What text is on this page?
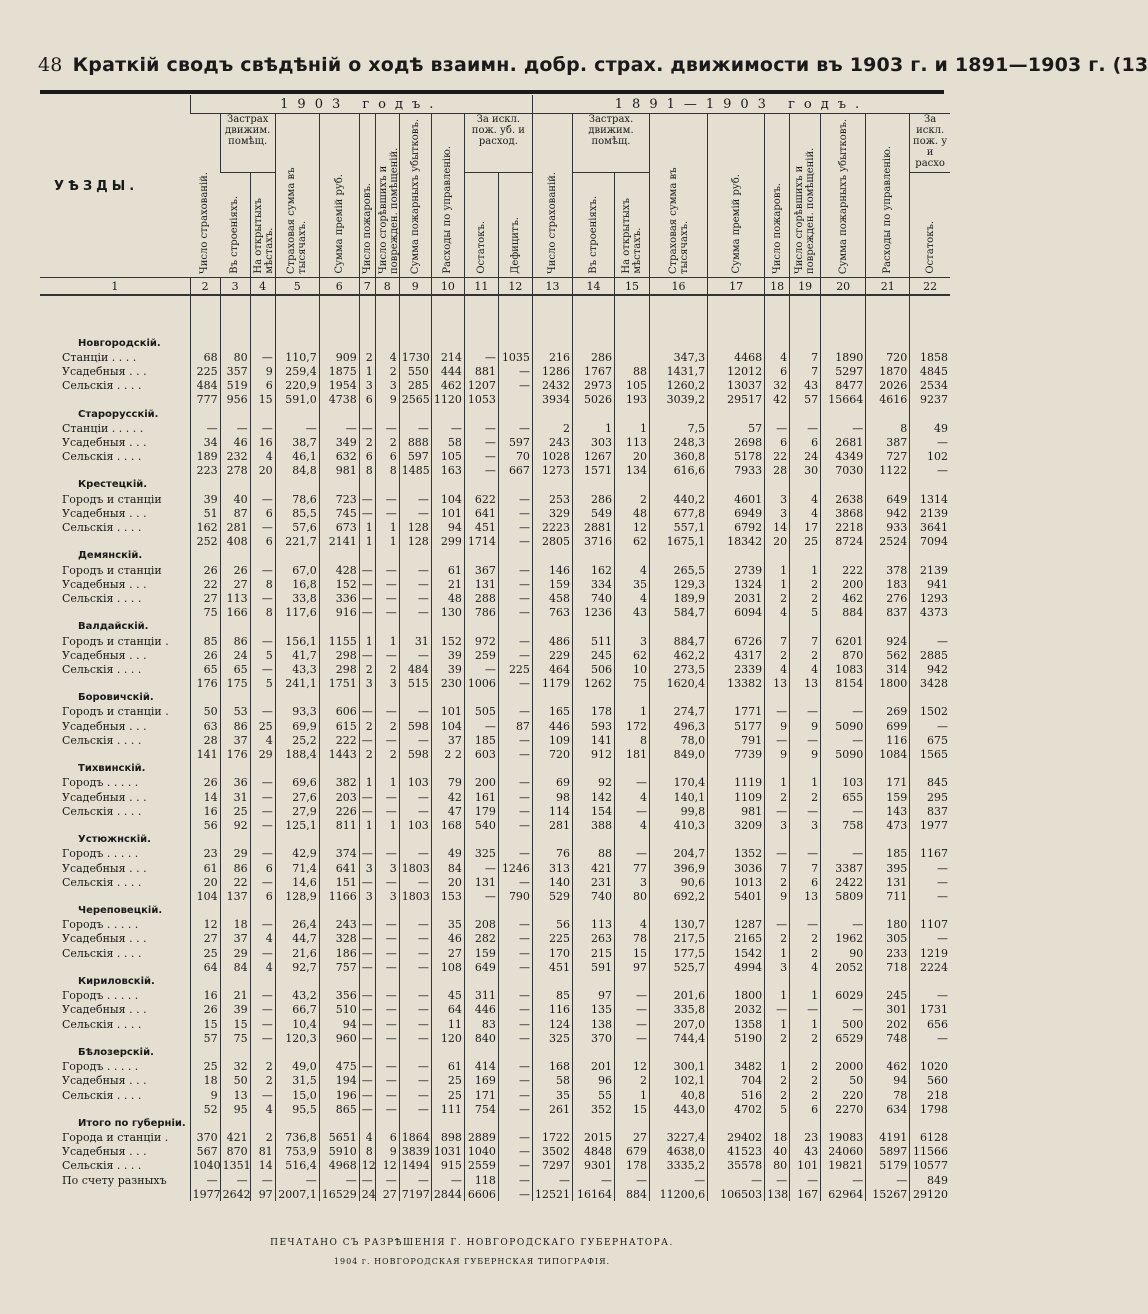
48 Краткій сводъ свѣдѣній о ходѣ взаимн. добр. страх. движимости въ 1903 г. и 1891—1903 г. (13
УѢЗДЫ.	1903 годъ.											1891—1903 годъ.									
	Число страхованій.	Застрах движим. помѣщ.		Страховая сумма въ тысячахъ.	Сумма премій руб.	Число пожаровъ.	Число сгорѣвшихъ и поврежден. помѣщеній.	Сумма пожарныхъ убытковъ.	Расходы по управленію.	За искл. пож. уб. и расход.		Число страхованій.	Застрах. движим. помѣщ.		Страховая сумма въ тысячахъ.	Сумма премій руб.	Число пожаровъ.	Число сгорѣвшихъ и поврежден. помѣщеній.	Сумма пожарныхъ убытковъ.	Расходы по управленію.	За искл. пож. у и расхо
		Въ строеніяхъ.	На открытыхъ мѣстахъ.							Остатокъ.	Дефицитъ.		Въ строеніяхъ.	На открытыхъ мѣстахъ.							Остатокъ.
1	2	3	4	5	6	7	8	9	10	11	12	13	14	15	16	17	18	19	20	21	22

Новгородскій.																					
Станціи . . . .	68	80	—	110,7	909	2	4	1730	214	—	1035	216	286		347,3	4468	4	7	1890	720	1858
Усадебныя . . .	225	357	9	259,4	1875	1	2	550	444	881	—	1286	1767	88	1431,7	12012	6	7	5297	1870	4845
Сельскія . . . .	484	519	6	220,9	1954	3	3	285	462	1207	—	2432	2973	105	1260,2	13037	32	43	8477	2026	2534
	777	956	15	591,0	4738	6	9	2565	1120	1053		3934	5026	193	3039,2	29517	42	57	15664	4616	9237
Старорусскій.																					
Станціи . . . . .	—	—	—	—	—	—	—	—	—	—	—	2	1	1	7,5	57	—	—	—	8	49
Усадебныя . . .	34	46	16	38,7	349	2	2	888	58	—	597	243	303	113	248,3	2698	6	6	2681	387	—
Сельскія . . . .	189	232	4	46,1	632	6	6	597	105	—	70	1028	1267	20	360,8	5178	22	24	4349	727	102
	223	278	20	84,8	981	8	8	1485	163	—	667	1273	1571	134	616,6	7933	28	30	7030	1122	—
Крестецкій.																					
Городъ и станціи	39	40	—	78,6	723	—	—	—	104	622	—	253	286	2	440,2	4601	3	4	2638	649	1314
Усадебныя . . .	51	87	6	85,5	745	—	—	—	101	641	—	329	549	48	677,8	6949	3	4	3868	942	2139
Сельскія . . . .	162	281	—	57,6	673	1	1	128	94	451	—	2223	2881	12	557,1	6792	14	17	2218	933	3641
	252	408	6	221,7	2141	1	1	128	299	1714	—	2805	3716	62	1675,1	18342	20	25	8724	2524	7094
Демянскій.																					
Городъ и станціи	26	26	—	67,0	428	—	—	—	61	367	—	146	162	4	265,5	2739	1	1	222	378	2139
Усадебныя . . .	22	27	8	16,8	152	—	—	—	21	131	—	159	334	35	129,3	1324	1	2	200	183	941
Сельскія . . . .	27	113	—	33,8	336	—	—	—	48	288	—	458	740	4	189,9	2031	2	2	462	276	1293
	75	166	8	117,6	916	—	—	—	130	786	—	763	1236	43	584,7	6094	4	5	884	837	4373
Валдайскій.																					
Городъ и станціи .	85	86	—	156,1	1155	1	1	31	152	972	—	486	511	3	884,7	6726	7	7	6201	924	—
Усадебныя . . .	26	24	5	41,7	298	—	—	—	39	259	—	229	245	62	462,2	4317	2	2	870	562	2885
Сельскія . . . .	65	65	—	43,3	298	2	2	484	39	—	225	464	506	10	273,5	2339	4	4	1083	314	942
	176	175	5	241,1	1751	3	3	515	230	1006	—	1179	1262	75	1620,4	13382	13	13	8154	1800	3428
Боровичскій.																					
Городъ и станціи .	50	53	—	93,3	606	—	—	—	101	505	—	165	178	1	274,7	1771	—	—	—	269	1502
Усадебныя . . .	63	86	25	69,9	615	2	2	598	104	—	87	446	593	172	496,3	5177	9	9	5090	699	—
Сельскія . . . .	28	37	4	25,2	222	—	—	—	37	185	—	109	141	8	78,0	791	—	—	—	116	675
	141	176	29	188,4	1443	2	2	598	2 2	603	—	720	912	181	849,0	7739	9	9	5090	1084	1565
Тихвинскій.																					
Городъ . . . . .	26	36	—	69,6	382	1	1	103	79	200	—	69	92	—	170,4	1119	1	1	103	171	845
Усадебныя . . .	14	31	—	27,6	203	—	—	—	42	161	—	98	142	4	140,1	1109	2	2	655	159	295
Сельскія . . . .	16	25	—	27,9	226	—	—	—	47	179	—	114	154	—	99,8	981	—	—	—	143	837
	56	92	—	125,1	811	1	1	103	168	540	—	281	388	4	410,3	3209	3	3	758	473	1977
Устюжнскій.																					
Городъ . . . . .	23	29	—	42,9	374	—	—	—	49	325	—	76	88	—	204,7	1352	—	—	—	185	1167
Усадебныя . . .	61	86	6	71,4	641	3	3	1803	84	—	1246	313	421	77	396,9	3036	7	7	3387	395	—
Сельскія . . . .	20	22	—	14,6	151	—	—	—	20	131	—	140	231	3	90,6	1013	2	6	2422	131	—
	104	137	6	128,9	1166	3	3	1803	153	—	790	529	740	80	692,2	5401	9	13	5809	711	—
Череповецкій.																					
Городъ . . . . .	12	18	—	26,4	243	—	—	—	35	208	—	56	113	4	130,7	1287	—	—	—	180	1107
Усадебныя . . .	27	37	4	44,7	328	—	—	—	46	282	—	225	263	78	217,5	2165	2	2	1962	305	—
Сельскія . . . .	25	29	—	21,6	186	—	—	—	27	159	—	170	215	15	177,5	1542	1	2	90	233	1219
	64	84	4	92,7	757	—	—	—	108	649	—	451	591	97	525,7	4994	3	4	2052	718	2224
Кириловскій.																					
Городъ . . . . .	16	21	—	43,2	356	—	—	—	45	311	—	85	97	—	201,6	1800	1	1	6029	245	—
Усадебныя . . .	26	39	—	66,7	510	—	—	—	64	446	—	116	135	—	335,8	2032	—	—	—	301	1731
Сельскія . . . .	15	15	—	10,4	94	—	—	—	11	83	—	124	138	—	207,0	1358	1	1	500	202	656
	57	75	—	120,3	960	—	—	—	120	840	—	325	370	—	744,4	5190	2	2	6529	748	—
Бѣлозерскій.																					
Городъ . . . . .	25	32	2	49,0	475	—	—	—	61	414	—	168	201	12	300,1	3482	1	2	2000	462	1020
Усадебныя . . .	18	50	2	31,5	194	—	—	—	25	169	—	58	96	2	102,1	704	2	2	50	94	560
Сельскія . . . .	9	13	—	15,0	196	—	—	—	25	171	—	35	55	1	40,8	516	2	2	220	78	218
	52	95	4	95,5	865	—	—	—	111	754	—	261	352	15	443,0	4702	5	6	2270	634	1798
Итого по губерніи.																					
Города и станціи .	370	421	2	736,8	5651	4	6	1864	898	2889	—	1722	2015	27	3227,4	29402	18	23	19083	4191	6128
Усадебныя . . .	567	870	81	753,9	5910	8	9	3839	1031	1040	—	3502	4848	679	4638,0	41523	40	43	24060	5897	11566
Сельскія . . . .	1040	1351	14	516,4	4968	12	12	1494	915	2559	—	7297	9301	178	3335,2	35578	80	101	19821	5179	10577
По счету разныхъ	—	—	—	—	—	—	—	—	—	118	—	—	—	—	—	—	—	—	—	—	849
	1977	2642	97	2007,1	16529	24	27	7197	2844	6606	—	12521	16164	884	11200,6	106503	138	167	62964	15267	29120
ПЕЧАТАНО СЪ РАЗРѢШЕНІЯ Г. НОВГОРОДСКАГО ГУБЕРНАТОРА.
1904 г. НОВГОРОДСКАЯ ГУБЕРНСКАЯ ТИПОГРАФІЯ.
